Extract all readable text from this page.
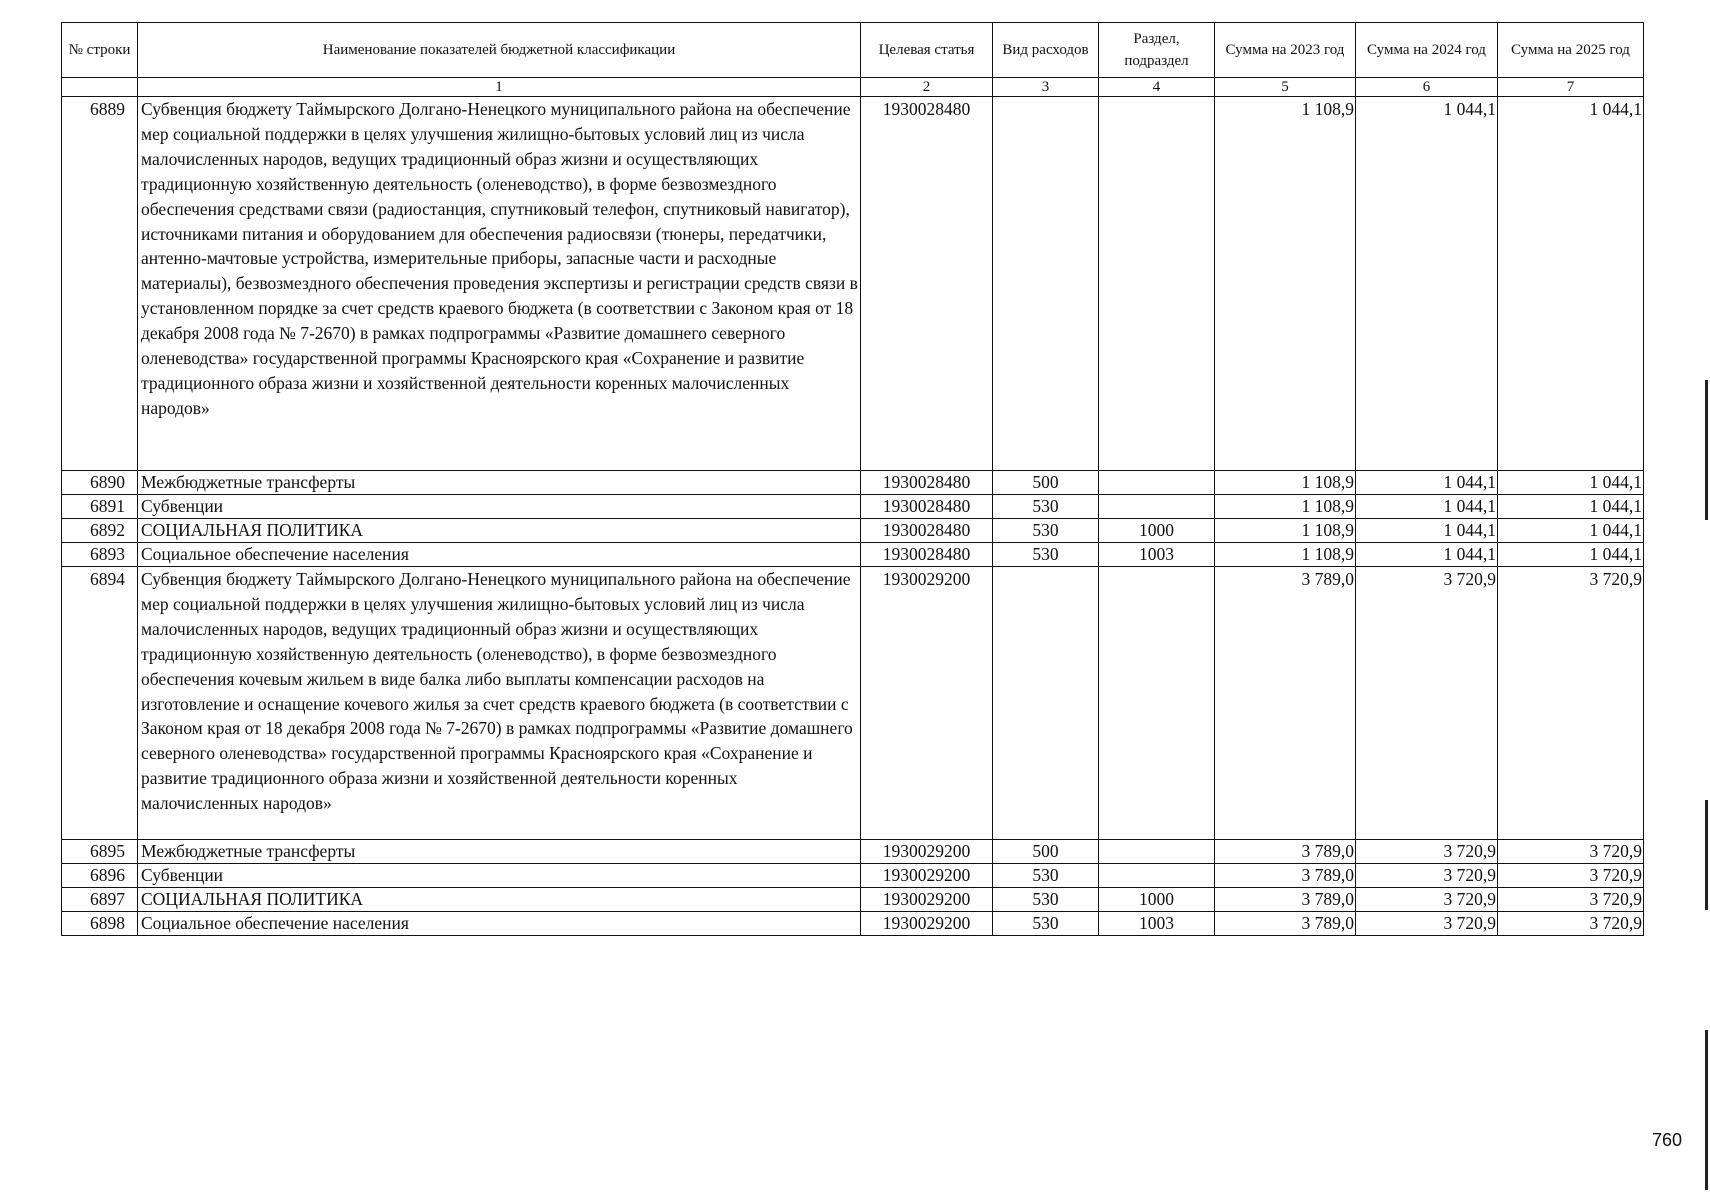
№ строки	Наименование показателей бюджетной классификации	Целевая статья	Вид расходов	Раздел, подраздел	Сумма на 2023 год	Сумма на 2024 год	Сумма на 2025 год
	1	2	3	4	5	6	7
6889	Субвенция бюджету Таймырского Долгано-Ненецкого муниципального района на обеспечение мер социальной поддержки в целях улучшения жилищно-бытовых условий лиц из числа малочисленных народов, ведущих традиционный образ жизни и осуществляющих традиционную хозяйственную деятельность (оленеводство), в форме безвозмездного обеспечения средствами связи (радиостанция, спутниковый телефон, спутниковый навигатор), источниками питания и оборудованием для обеспечения радиосвязи (тюнеры, передатчики, антенно-мачтовые устройства, измерительные приборы, запасные части и расходные материалы), безвозмездного обеспечения проведения экспертизы и регистрации средств связи в установленном порядке за счет средств краевого бюджета (в соответствии с Законом края от 18 декабря 2008 года № 7-2670) в рамках подпрограммы «Развитие домашнего северного оленеводства» государственной программы Красноярского края «Сохранение и развитие традиционного образа жизни и хозяйственной деятельности коренных малочисленных народов»	1930028480			1 108,9	1 044,1	1 044,1
6890	Межбюджетные трансферты	1930028480	500		1 108,9	1 044,1	1 044,1
6891	Субвенции	1930028480	530		1 108,9	1 044,1	1 044,1
6892	СОЦИАЛЬНАЯ ПОЛИТИКА	1930028480	530	1000	1 108,9	1 044,1	1 044,1
6893	Социальное обеспечение населения	1930028480	530	1003	1 108,9	1 044,1	1 044,1
6894	Субвенция бюджету Таймырского Долгано-Ненецкого муниципального района на обеспечение мер социальной поддержки в целях улучшения жилищно-бытовых условий лиц из числа малочисленных народов, ведущих традиционный образ жизни и осуществляющих традиционную хозяйственную деятельность (оленеводство), в форме безвозмездного обеспечения кочевым жильем в виде балка либо выплаты компенсации расходов на изготовление и оснащение кочевого жилья за счет средств краевого бюджета (в соответствии с Законом края от 18 декабря 2008 года № 7-2670) в рамках подпрограммы «Развитие домашнего северного оленеводства» государственной программы Красноярского края «Сохранение и развитие традиционного образа жизни и хозяйственной деятельности коренных малочисленных народов»	1930029200			3 789,0	3 720,9	3 720,9
6895	Межбюджетные трансферты	1930029200	500		3 789,0	3 720,9	3 720,9
6896	Субвенции	1930029200	530		3 789,0	3 720,9	3 720,9
6897	СОЦИАЛЬНАЯ ПОЛИТИКА	1930029200	530	1000	3 789,0	3 720,9	3 720,9
6898	Социальное обеспечение населения	1930029200	530	1003	3 789,0	3 720,9	3 720,9
760
